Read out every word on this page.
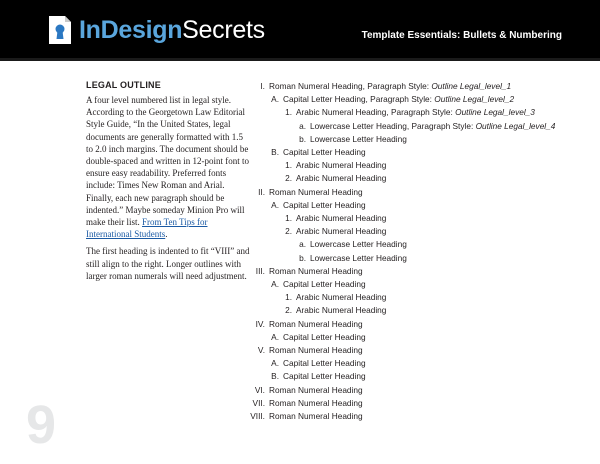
InDesignSecrets	Template Essentials: Bullets & Numbering
LEGAL OUTLINE

A four level numbered list in legal style. According to the Georgetown Law Editorial Style Guide, “In the United States, legal documents are generally formatted with 1.5 to 2.0 inch margins. The document should be double-spaced and written in 12-point font to ensure easy readability. Preferred fonts include: Times New Roman and Arial. Finally, each new paragraph should be indented.” Maybe someday Minion Pro will make their list. From Ten Tips for International Students.

The first heading is indented to fit “VIII” and still align to the right. Longer outlines with larger roman numerals will need adjustment.

9
I. Roman Numeral Heading, Paragraph Style: Outline Legal_level_1
A. Capital Letter Heading, Paragraph Style: Outline Legal_level_2
1. Arabic Numeral Heading, Paragraph Style: Outline Legal_level_3
a. Lowercase Letter Heading, Paragraph Style: Outline Legal_level_4
b. Lowercase Letter Heading
B. Capital Letter Heading
1. Arabic Numeral Heading
2. Arabic Numeral Heading
II. Roman Numeral Heading
A. Capital Letter Heading
1. Arabic Numeral Heading
2. Arabic Numeral Heading
a. Lowercase Letter Heading
b. Lowercase Letter Heading
III. Roman Numeral Heading
A. Capital Letter Heading
1. Arabic Numeral Heading
2. Arabic Numeral Heading
IV. Roman Numeral Heading
A. Capital Letter Heading
V. Roman Numeral Heading
A. Capital Letter Heading
B. Capital Letter Heading
VI. Roman Numeral Heading
VII. Roman Numeral Heading
VIII. Roman Numeral Heading
